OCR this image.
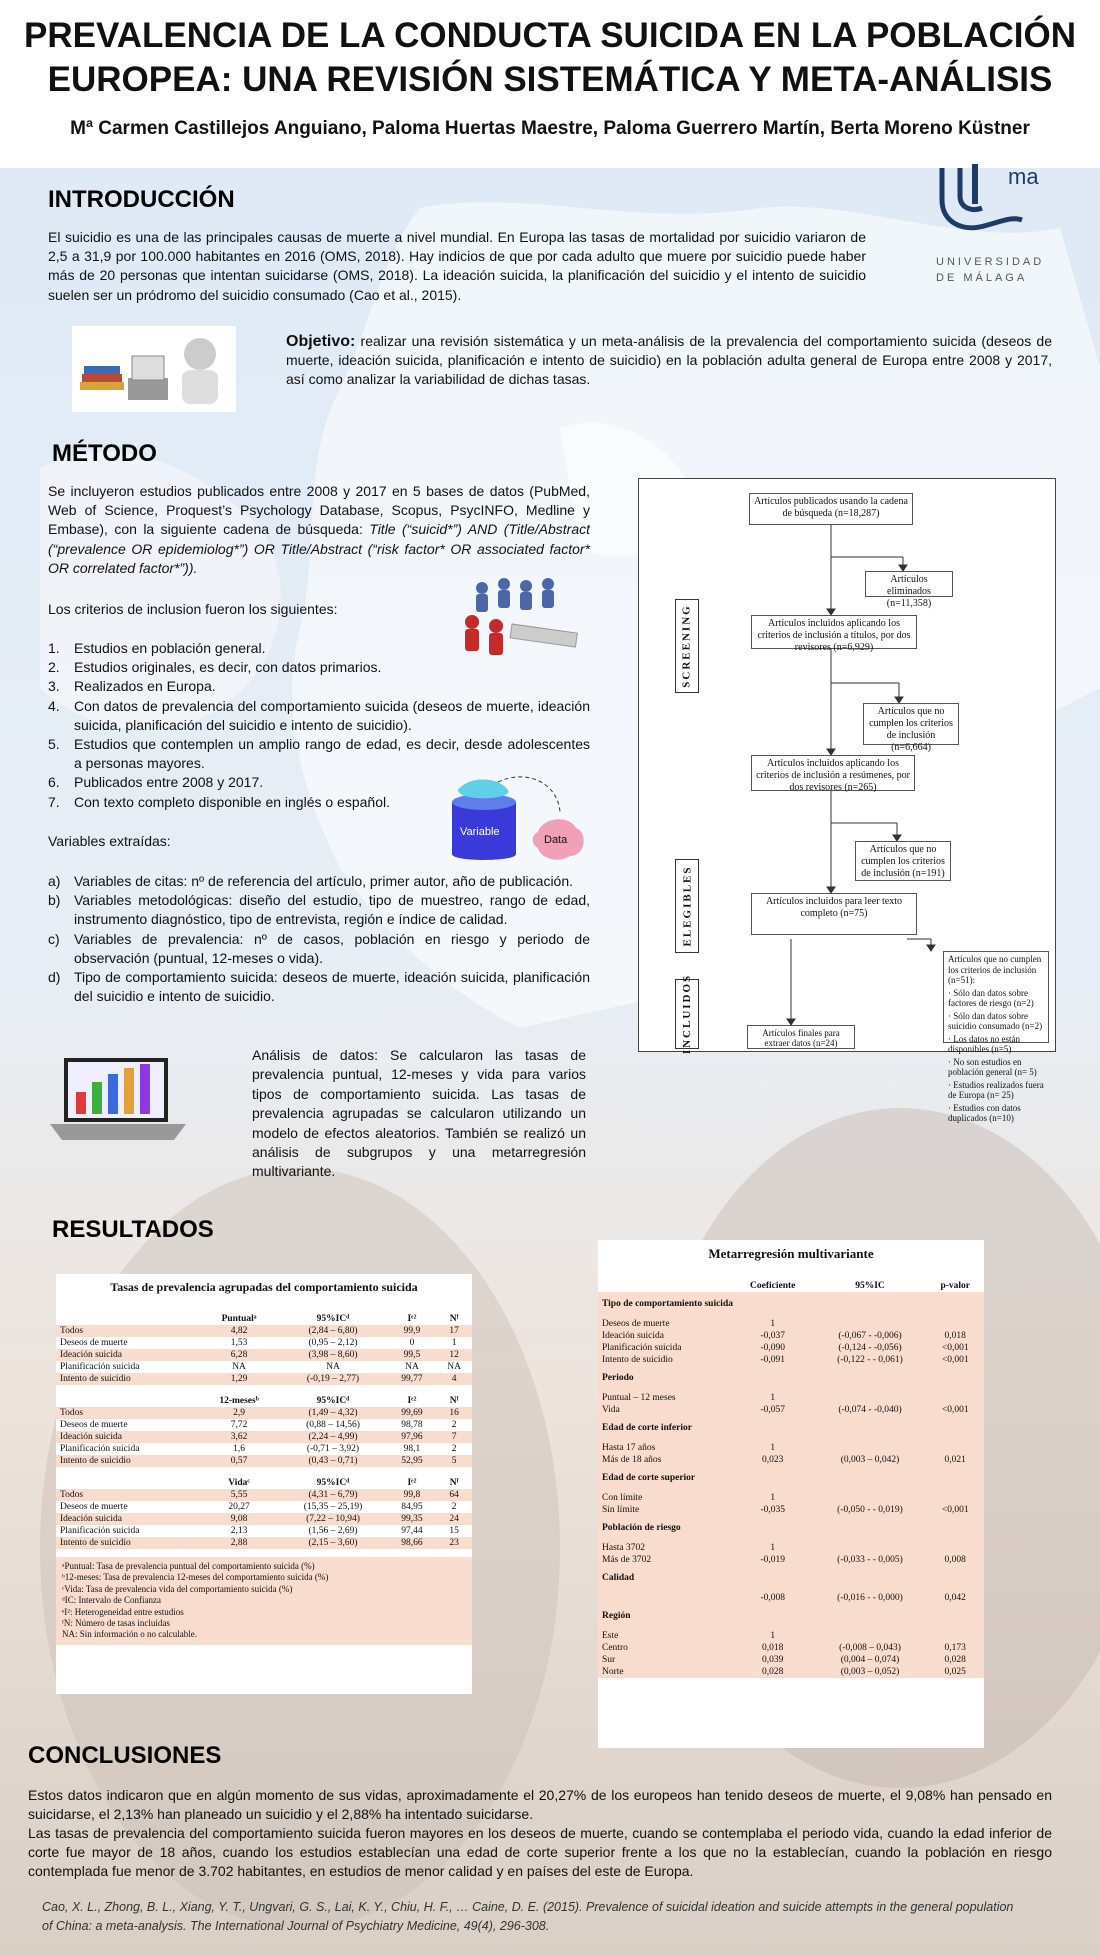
PREVALENCIA DE LA CONDUCTA SUICIDA EN LA POBLACIÓN
EUROPEA: UNA REVISIÓN SISTEMÁTICA Y META-ANÁLISIS
Mª Carmen Castillejos Anguiano, Paloma Huertas Maestre, Paloma Guerrero Martín, Berta Moreno Küstner
ma
UNIVERSIDAD
DE MÁLAGA
INTRODUCCIÓN
El suicidio es una de las principales causas de muerte a nivel mundial. En Europa las tasas de mortalidad por suicidio variaron de 2,5 a 31,9 por 100.000 habitantes en 2016 (OMS, 2018). Hay indicios de que por cada adulto que muere por suicidio puede haber más de 20 personas que intentan suicidarse (OMS, 2018). La ideación suicida, la planificación del suicidio y el intento de suicidio suelen ser un pródromo del suicidio consumado (Cao et al., 2015).
Objetivo: realizar una revisión sistemática y un meta-análisis de la prevalencia del comportamiento suicida (deseos de muerte, ideación suicida, planificación e intento de suicidio) en la población adulta general de Europa entre 2008 y 2017, así como analizar la variabilidad de dichas tasas.
MÉTODO
Se incluyeron estudios publicados entre 2008 y 2017 en 5 bases de datos (PubMed, Web of Science, Proquest’s Psychology Database, Scopus, PsycINFO, Medline y Embase), con la siguiente cadena de búsqueda: Title (“suicid*”) AND (Title/Abstract (“prevalence OR epidemiolog*”) OR Title/Abstract (“risk factor* OR associated factor* OR correlated factor*”)).
Los criterios de inclusion fueron los siguientes:
1. Estudios en población general.
2. Estudios originales, es decir, con datos primarios.
3. Realizados en Europa.
4. Con datos de prevalencia del comportamiento suicida (deseos de muerte, ideación suicida, planificación del suicidio e intento de suicidio).
5. Estudios que contemplen un amplio rango de edad, es decir, desde adolescentes a personas mayores.
6. Publicados entre 2008 y 2017.
7. Con texto completo disponible en inglés o español.
Variable
Data
Variables extraídas:
a) Variables de citas: nº de referencia del artículo, primer autor, año de publicación.
b) Variables metodológicas: diseño del estudio, tipo de muestreo, rango de edad, instrumento diagnóstico, tipo de entrevista, región e índice de calidad.
c) Variables de prevalencia: nº de casos, población en riesgo y periodo de observación (puntual, 12-meses o vida).
d) Tipo de comportamiento suicida: deseos de muerte, ideación suicida, planificación del suicidio e intento de suicidio.
Análisis de datos: Se calcularon las tasas de prevalencia puntual, 12-meses y vida para varios tipos de comportamiento suicida. Las tasas de prevalencia agrupadas se calcularon utilizando un modelo de efectos aleatorios. También se realizó un análisis de subgrupos y una metarregresión multivariante.
Artículos publicados usando la cadena de búsqueda (n=18,287)
Artículos eliminados (n=11,358)
Artículos incluidos aplicando los criterios de inclusión a títulos, por dos revisores (n=6,929)
Artículos que no cumplen los criterios de inclusión (n=6,664)
Artículos incluidos aplicando los criterios de inclusión a resúmenes, por dos revisores (n=265)
Artículos que no cumplen los criterios de inclusión (n=191)
Artículos incluidos para leer texto completo (n=75)
Artículos que no cumplen los criterios de inclusión (n=51):
· Sólo dan datos sobre factores de riesgo (n=2)
· Sólo dan datos sobre suicidio consumado (n=2)
· Los datos no están disponibles (n=5)
· No son estudios en población general (n= 5)
· Estudios realizados fuera de Europa (n= 25)
· Estudios con datos duplicados (n=10)
Artículos finales para extraer datos (n=24)
SCREENING
ELEGIBLES
INCLUIDOS
RESULTADOS
Tasas de prevalencia agrupadas del comportamiento suicida
	Puntualᵃ	95%ICᵈ	Iᵉ²	Nᶠ
Todos	4,82	(2,84 – 6,80)	99,9	17
Deseos de muerte	1,53	(0,95 – 2,12)	0	1
Ideación suicida	6,28	(3,98 – 8,60)	99,5	12
Planificación suicida	NA	NA	NA	NA
Intento de suicidio	1,29	(-0,19 – 2,77)	99,77	4
	12-mesesᵇ	95%ICᵈ	Iᵉ²	Nᶠ
Todos	2,9	(1,49 – 4,32)	99,69	16
Deseos de muerte	7,72	(0,88 – 14,56)	98,78	2
Ideación suicida	3,62	(2,24 – 4,99)	97,96	7
Planificación suicida	1,6	(-0,71 – 3,92)	98,1	2
Intento de suicidio	0,57	(0,43 – 0,71)	52,95	5
	Vidaᶜ	95%ICᵈ	Iᵉ²	Nᶠ
Todos	5,55	(4,31 – 6,79)	99,8	64
Deseos de muerte	20,27	(15,35 – 25,19)	84,95	2
Ideación suicida	9,08	(7,22 – 10,94)	99,35	24
Planificación suicida	2,13	(1,56 – 2,69)	97,44	15
Intento de suicidio	2,88	(2,15 – 3,60)	98,66	23
ᵃPuntual: Tasa de prevalencia puntual del comportamiento suicida (%)
ᵇ12-meses: Tasa de prevalencia 12-meses del comportamiento suicida (%)
ᶜVida: Tasa de prevalencia vida del comportamiento suicida (%)
ᵈIC: Intervalo de Confianza
ᵉI²: Heterogeneidad entre estudios
ᶠN: Número de tasas incluidas
NA: Sin información o no calculable.
Metarregresión multivariante
	Coeficiente	95%IC	p-valor
Tipo de comportamiento suicida			

Deseos de muerte	1		
Ideación suicida	-0,037	(-0,067 - -0,006)	0,018
Planificación suicida	-0,090	(-0,124 - -0,056)	<0,001
Intento de suicidio	-0,091	(-0,122 - - 0,061)	<0,001
Periodo			

Puntual – 12 meses	1		
Vida	-0,057	(-0,074 - -0,040)	<0,001
Edad de corte inferior			

Hasta 17 años	1		
Más de 18 años	0,023	(0,003 – 0,042)	0,021
Edad de corte superior			

Con límite	1		
Sin límite	-0,035	(-0,050 - - 0,019)	<0,001
Población de riesgo			

Hasta 3702	1		
Más de 3702	-0,019	(-0,033 - - 0,005)	0,008
Calidad			

	-0,008	(-0,016 - - 0,000)	0,042
Región			

Este	1		
Centro	0,018	(-0,008 – 0,043)	0,173
Sur	0,039	(0,004 – 0,074)	0,028
Norte	0,028	(0,003 – 0,052)	0,025
CONCLUSIONES
Estos datos indicaron que en algún momento de sus vidas, aproximadamente el 20,27% de los europeos han tenido deseos de muerte, el 9,08% han pensado en suicidarse, el 2,13% han planeado un suicidio y el 2,88% ha intentado suicidarse.
Las tasas de prevalencia del comportamiento suicida fueron mayores en los deseos de muerte, cuando se contemplaba el periodo vida, cuando la edad inferior de corte fue mayor de 18 años, cuando los estudios establecían una edad de corte superior frente a los que no la establecían, cuando la población en riesgo contemplada fue menor de 3.702 habitantes, en estudios de menor calidad y en países del este de Europa.
Cao, X. L., Zhong, B. L., Xiang, Y. T., Ungvari, G. S., Lai, K. Y., Chiu, H. F., … Caine, D. E. (2015). Prevalence of suicidal ideation and suicide attempts in the general population of China: a meta-analysis. The International Journal of Psychiatry Medicine, 49(4), 296-308.
